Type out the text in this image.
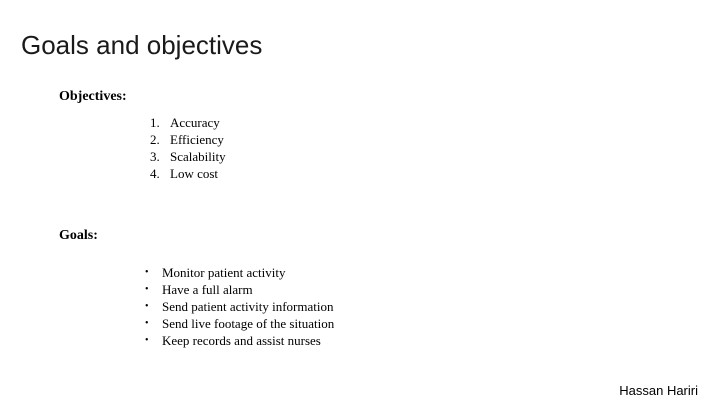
Goals and objectives
Objectives:
1. Accuracy
2. Efficiency
3. Scalability
4. Low cost
Goals:
•	Monitor patient activity
•	Have a full alarm
•	Send patient activity information
•	Send live footage of the situation
•	Keep records and assist nurses
Hassan Hariri
